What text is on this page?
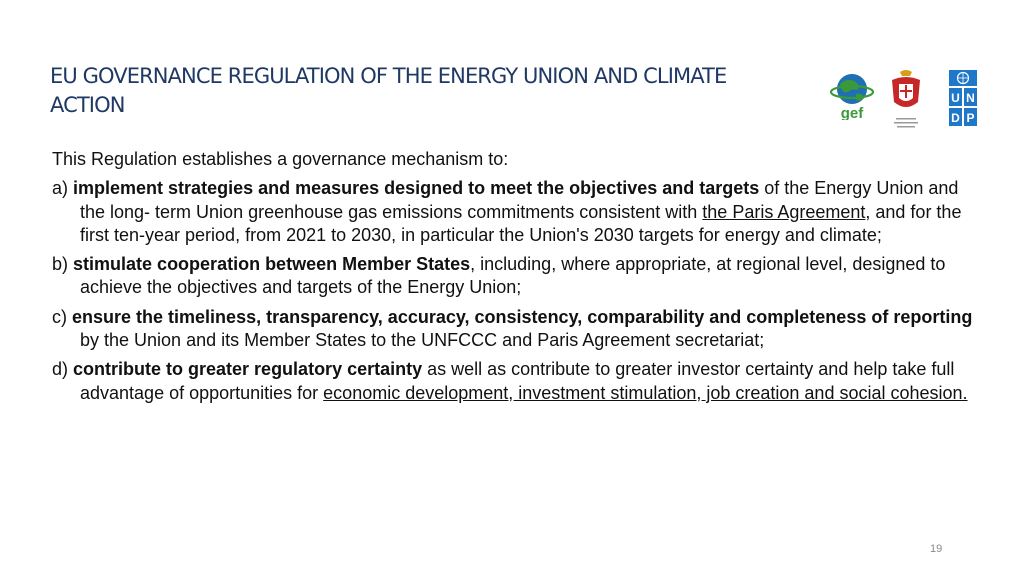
EU GOVERNANCE REGULATION OF THE ENERGY UNION AND CLIMATE ACTION	gef
U N
D P

This Regulation establishes a governance mechanism to:

a) implement strategies and measures designed to meet the objectives and targets of the Energy Union and the long- term Union greenhouse gas emissions commitments consistent with the Paris Agreement, and for the first ten-year period, from 2021 to 2030, in particular the Union's 2030 targets for energy and climate;

b) stimulate cooperation between Member States, including, where appropriate, at regional level, designed to achieve the objectives and targets of the Energy Union;

c) ensure the timeliness, transparency, accuracy, consistency, comparability and completeness of reporting by the Union and its Member States to the UNFCCC and Paris Agreement secretariat;

d) contribute to greater regulatory certainty as well as contribute to greater investor certainty and help take full advantage of opportunities for economic development, investment stimulation, job creation and social cohesion.

19
